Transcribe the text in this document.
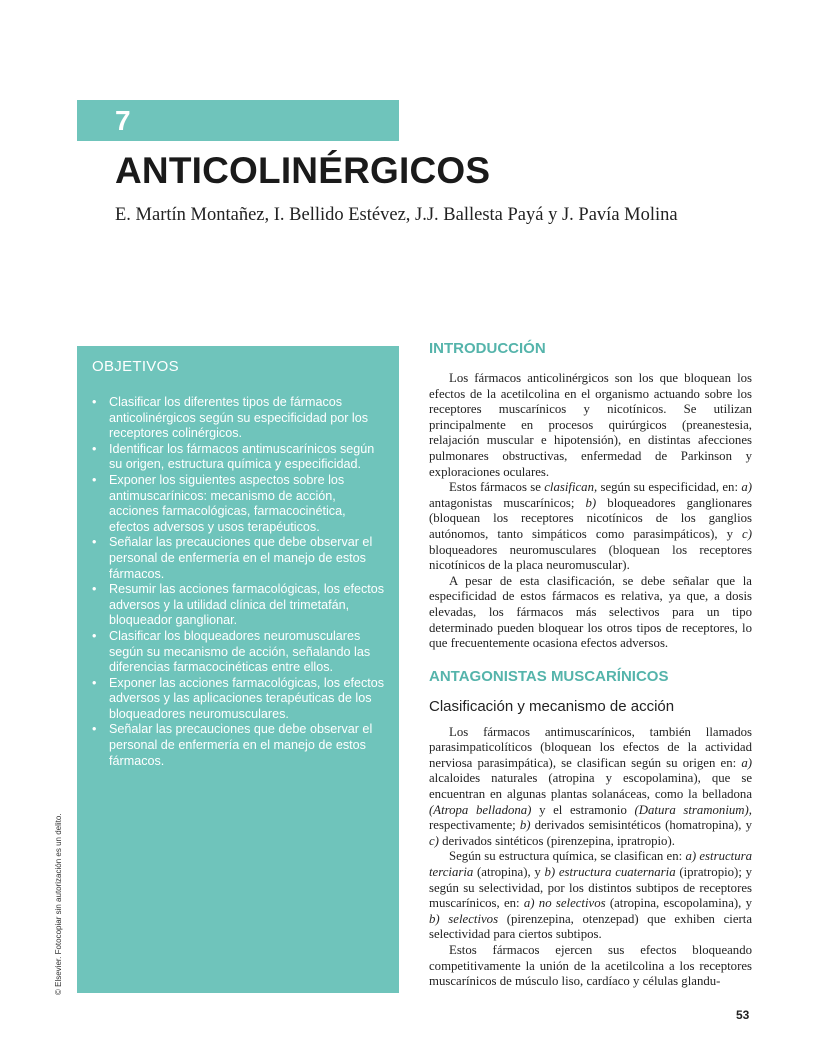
7
ANTICOLINÉRGICOS

E. Martín Montañez, I. Bellido Estévez, J.J. Ballesta Payá y J. Pavía Molina

© Elsevier. Fotocopiar sin autorización es un delito.
OBJETIVOS
• Clasificar los diferentes tipos de fármacos anticolinérgicos según su especificidad por los receptores colinérgicos.
• Identificar los fármacos antimuscarínicos según su origen, estructura química y especificidad.
• Exponer los siguientes aspectos sobre los antimuscarínicos: mecanismo de acción, acciones farmacológicas, farmacocinética, efectos adversos y usos terapéuticos.
• Señalar las precauciones que debe observar el personal de enfermería en el manejo de estos fármacos.
• Resumir las acciones farmacológicas, los efectos adversos y la utilidad clínica del trimetafán, bloqueador ganglionar.
• Clasificar los bloqueadores neuromusculares según su mecanismo de acción, señalando las diferencias farmacocinéticas entre ellos.
• Exponer las acciones farmacológicas, los efectos adversos y las aplicaciones terapéuticas de los bloqueadores neuromusculares.
• Señalar las precauciones que debe observar el personal de enfermería en el manejo de estos fármacos.
INTRODUCCIÓN

Los fármacos anticolinérgicos son los que bloquean los efectos de la acetilcolina en el organismo actuando sobre los receptores muscarínicos y nicotínicos. Se utilizan principalmente en procesos quirúrgicos (preanestesia, relajación muscular e hipotensión), en distintas afecciones pulmonares obstructivas, enfermedad de Parkinson y exploraciones oculares.

Estos fármacos se clasifican, según su especificidad, en: a) antagonistas muscarínicos; b) bloqueadores ganglionares (bloquean los receptores nicotínicos de los ganglios autónomos, tanto simpáticos como parasimpáticos), y c) bloqueadores neuromusculares (bloquean los receptores nicotínicos de la placa neuromuscular).

A pesar de esta clasificación, se debe señalar que la especificidad de estos fármacos es relativa, ya que, a dosis elevadas, los fármacos más selectivos para un tipo determinado pueden bloquear los otros tipos de receptores, lo que frecuentemente ocasiona efectos adversos.

ANTAGONISTAS MUSCARÍNICOS
Clasificación y mecanismo de acción

Los fármacos antimuscarínicos, también llamados parasimpaticolíticos (bloquean los efectos de la actividad nerviosa parasimpática), se clasifican según su origen en: a) alcaloides naturales (atropina y escopolamina), que se encuentran en algunas plantas solanáceas, como la belladona (Atropa belladona) y el estramonio (Datura stramonium), respectivamente; b) derivados semisintéticos (homatropina), y c) derivados sintéticos (pirenzepina, ipratropio).

Según su estructura química, se clasifican en: a) estructura terciaria (atropina), y b) estructura cuaternaria (ipratropio); y según su selectividad, por los distintos subtipos de receptores muscarínicos, en: a) no selectivos (atropina, escopolamina), y b) selectivos (pirenzepina, otenzepad) que exhiben cierta selectividad para ciertos subtipos.

Estos fármacos ejercen sus efectos bloqueando competitivamente la unión de la acetilcolina a los receptores muscarínicos de músculo liso, cardíaco y células glandu-

53
